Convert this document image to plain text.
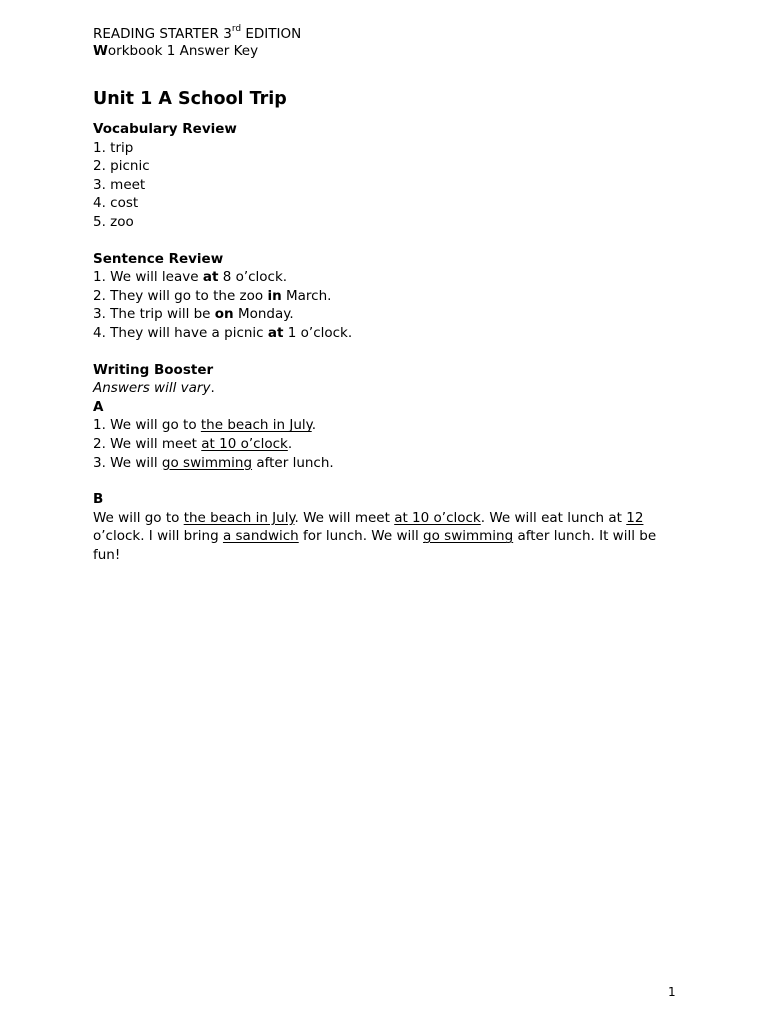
READING STARTER 3rd EDITION
Workbook 1 Answer Key
Unit 1 A School Trip
Vocabulary Review
1. trip
2. picnic
3. meet
4. cost
5. zoo
Sentence Review
1. We will leave at 8 o’clock.
2. They will go to the zoo in March.
3. The trip will be on Monday.
4. They will have a picnic at 1 o’clock.
Writing Booster
Answers will vary.
A
1. We will go to the beach in July.
2. We will meet at 10 o’clock.
3. We will go swimming after lunch.
B
We will go to the beach in July. We will meet at 10 o’clock. We will eat lunch at 12 o’clock. I will bring a sandwich for lunch. We will go swimming after lunch. It will be fun!
1
